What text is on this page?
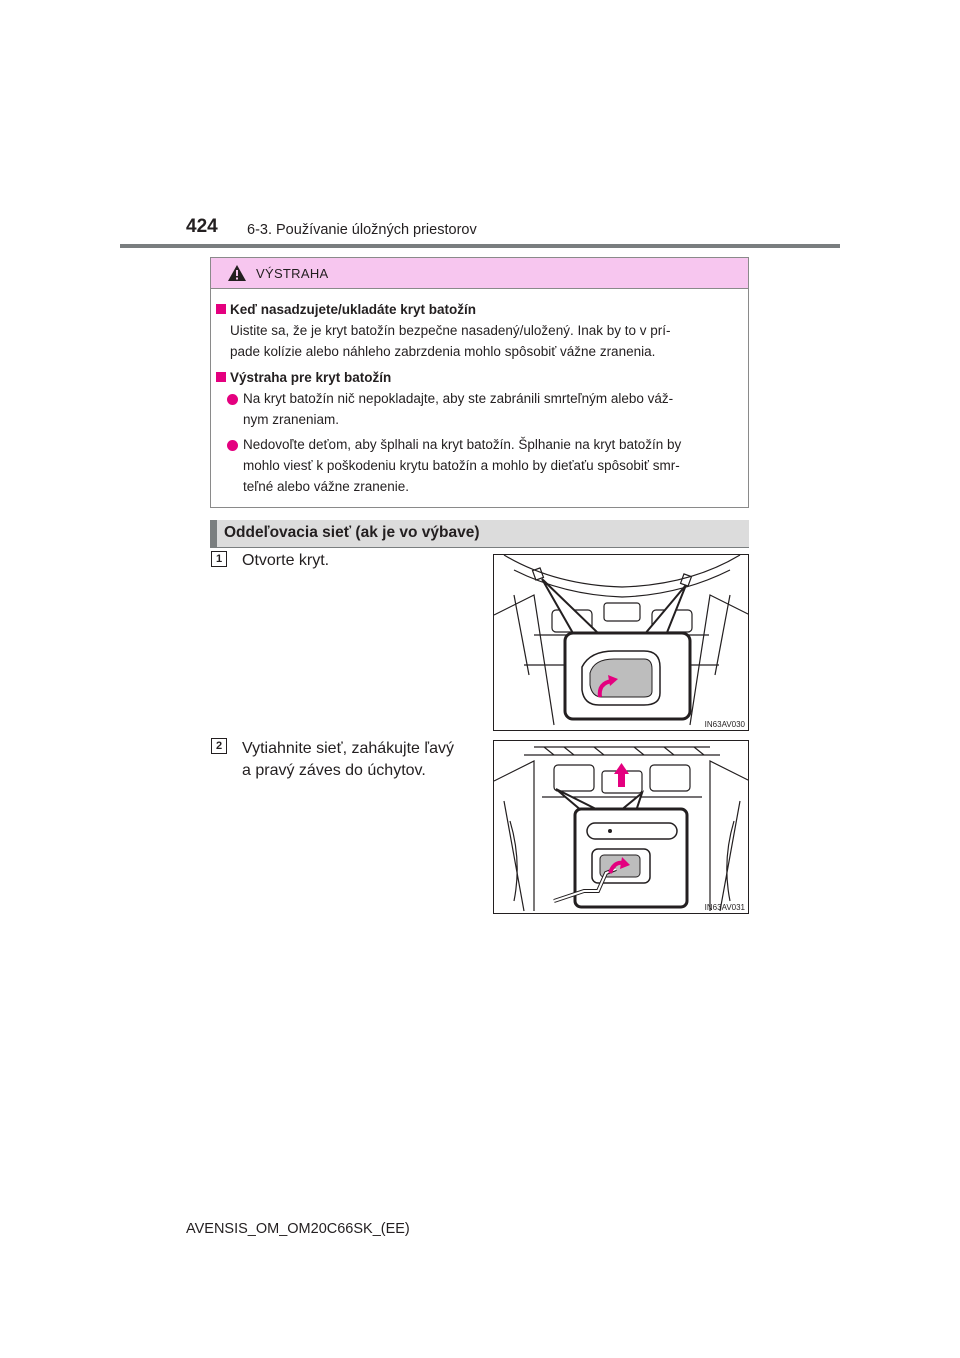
424 6-3. Používanie úložných priestorov
VÝSTRAHA
Keď nasadzujete/ukladáte kryt batožín
Uistite sa, že je kryt batožín bezpečne nasadený/uložený. Inak by to v prí-
pade kolízie alebo náhleho zabrzdenia mohlo spôsobiť vážne zranenia.
Výstraha pre kryt batožín
Na kryt batožín nič nepokladajte, aby ste zabránili smrteľným alebo váž-
nym zraneniam.
Nedovoľte deťom, aby šplhali na kryt batožín. Šplhanie na kryt batožín by
mohlo viesť k poškodeniu krytu batožín a mohlo by dieťaťu spôsobiť smr-
teľné alebo vážne zranenie.
Oddeľovacia sieť (ak je vo výbave)
1	Otvorte kryt.
IN63AV030
2	Vytiahnite sieť, zahákujte ľavý
a pravý záves do úchytov.
IN63AV031
AVENSIS_OM_OM20C66SK_(EE)
